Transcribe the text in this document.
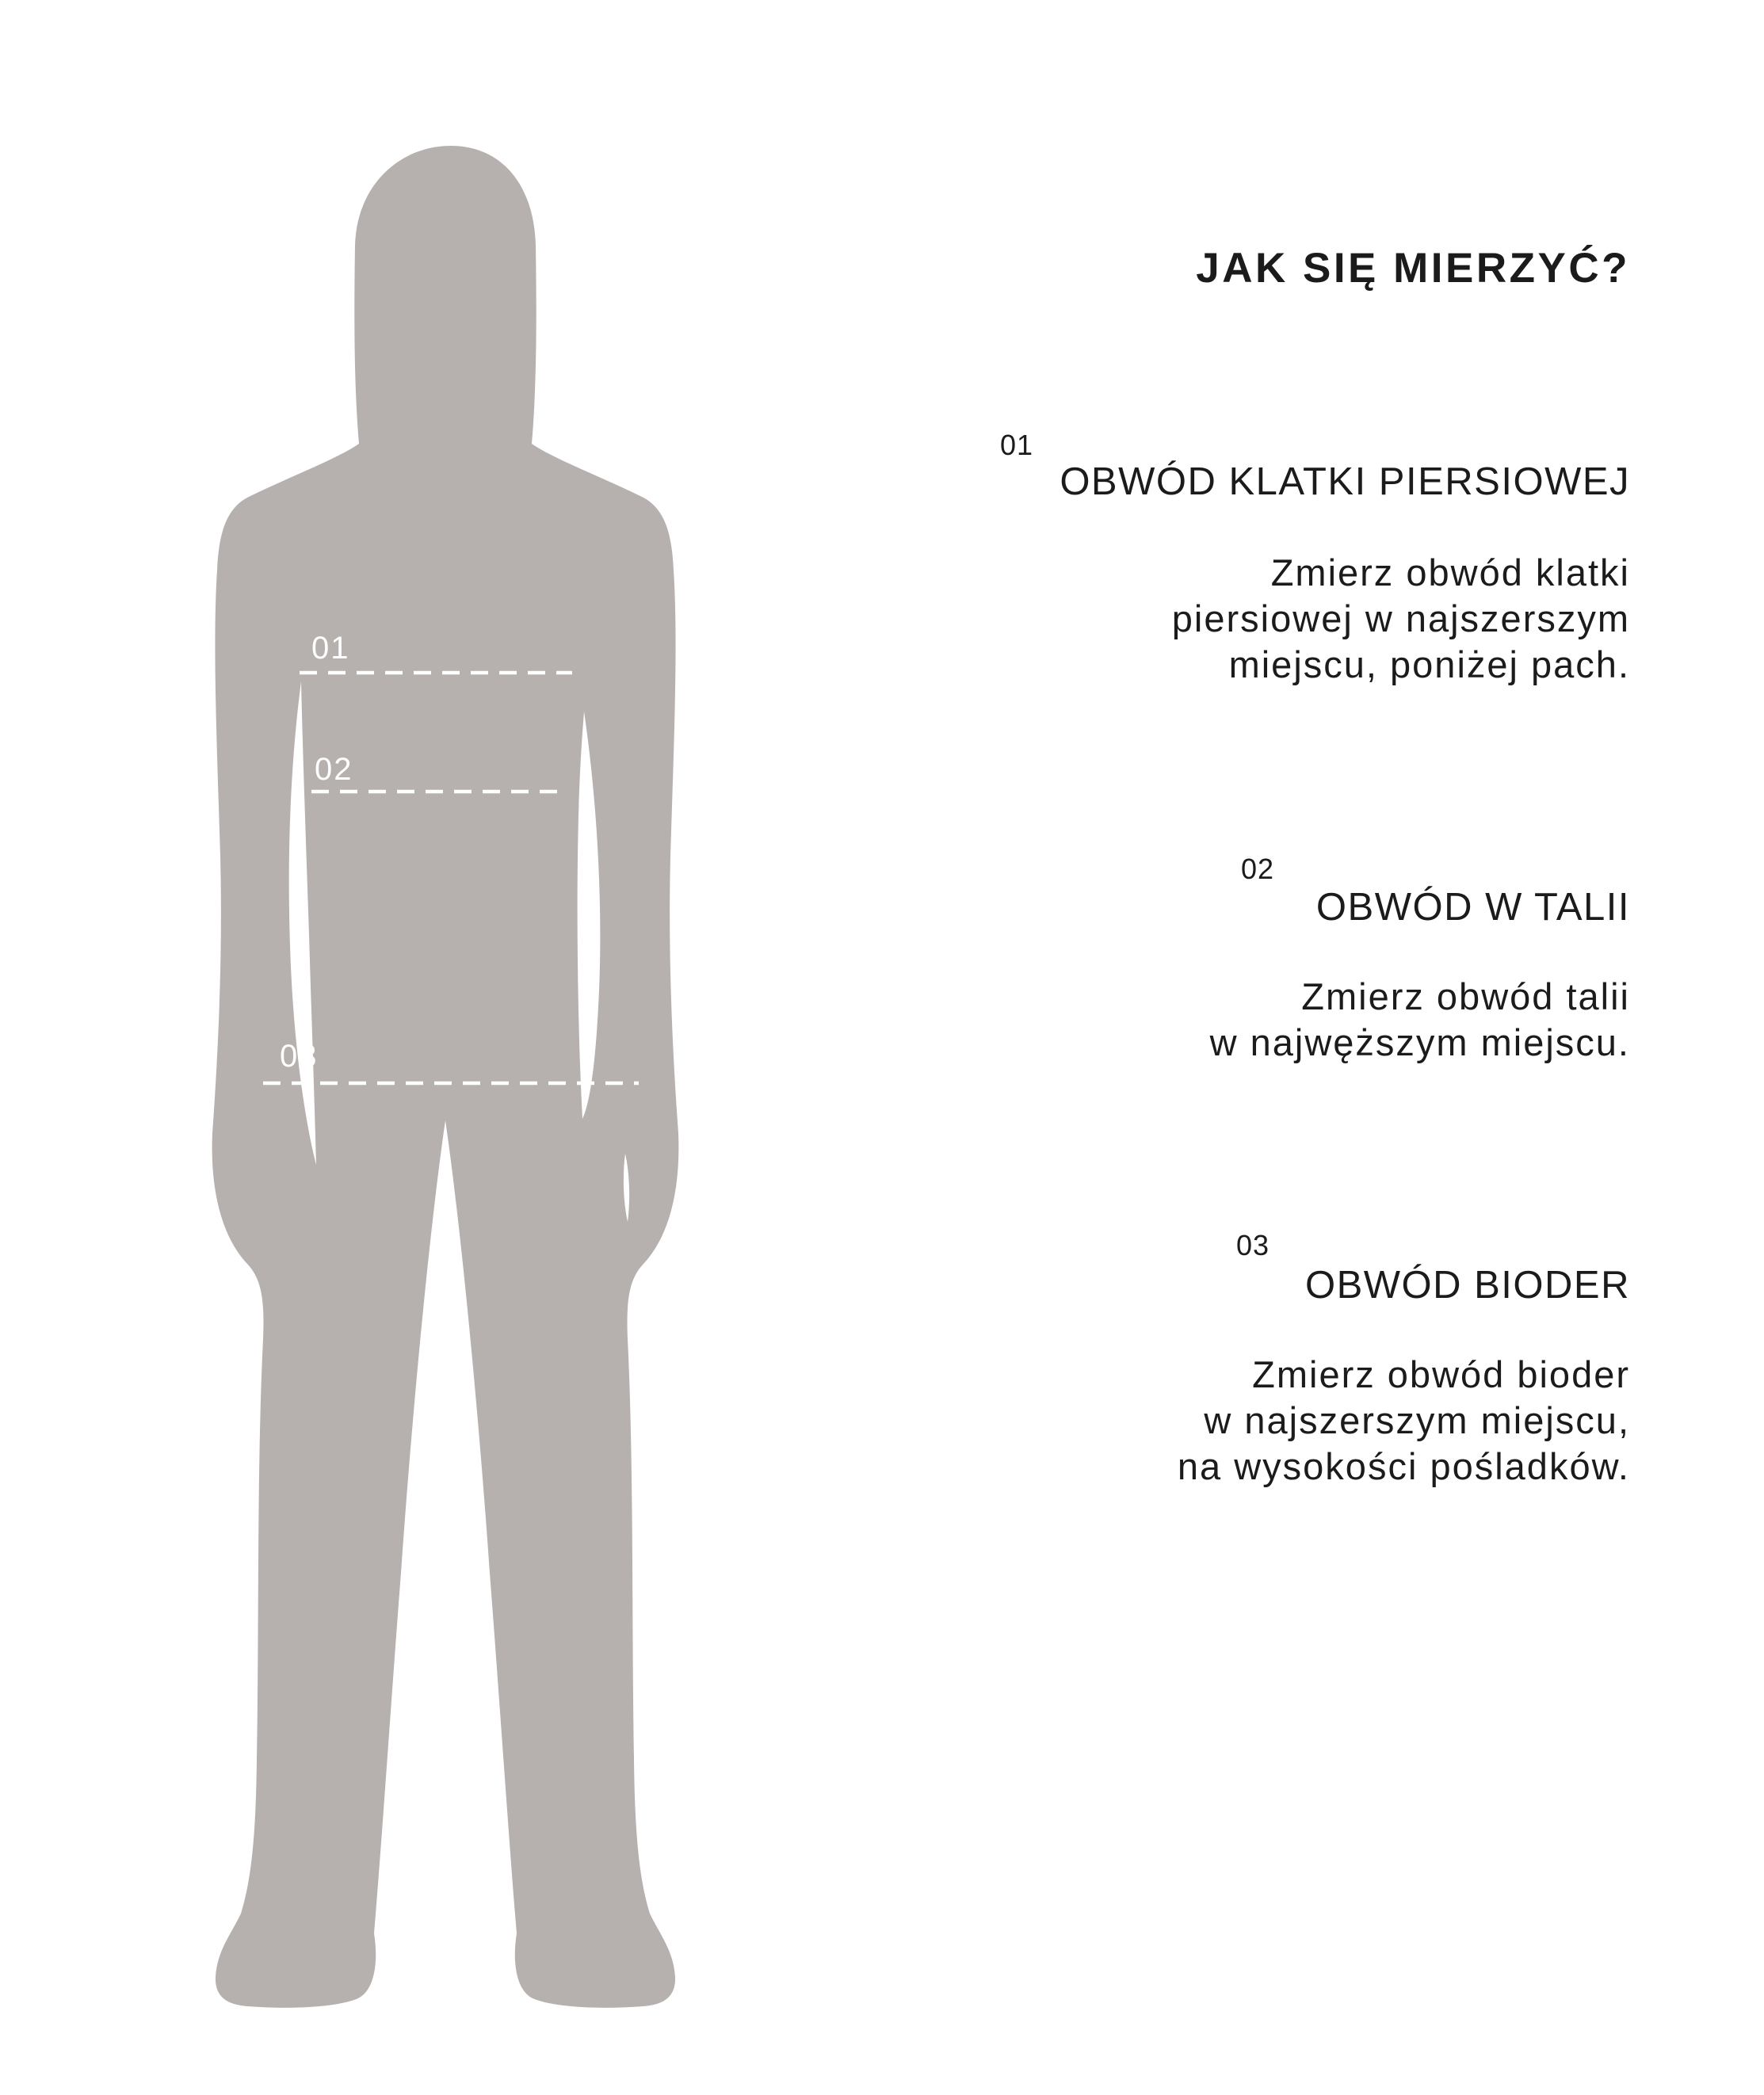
01
02
03
JAK SIĘ MIERZYĆ?
01
OBWÓD KLATKI PIERSIOWEJ
Zmierz obwód klatki
piersiowej w najszerszym
miejscu, poniżej pach.
02
OBWÓD W TALII
Zmierz obwód talii
w najwęższym miejscu.
03
OBWÓD BIODER
Zmierz obwód bioder
w najszerszym miejscu,
na wysokości pośladków.
